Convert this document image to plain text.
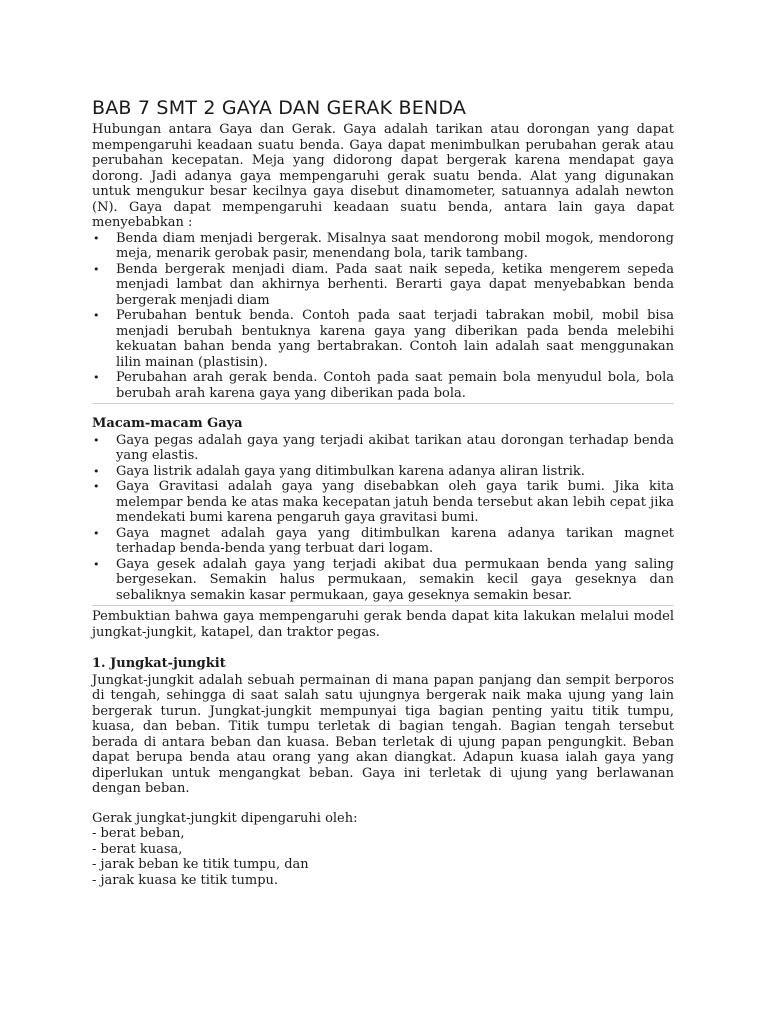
BAB 7 SMT 2 GAYA DAN GERAK BENDA

Hubungan antara Gaya dan Gerak. Gaya adalah tarikan atau dorongan yang dapat mempengaruhi keadaan suatu benda. Gaya dapat menimbulkan perubahan gerak atau perubahan kecepatan. Meja yang didorong dapat bergerak karena mendapat gaya dorong. Jadi adanya gaya mempengaruhi gerak suatu benda. Alat yang digunakan untuk mengukur besar kecilnya gaya disebut dinamometer, satuannya adalah newton (N). Gaya dapat mempengaruhi keadaan suatu benda, antara lain gaya dapat menyebabkan :

• Benda diam menjadi bergerak. Misalnya saat mendorong mobil mogok, mendorong meja, menarik gerobak pasir, menendang bola, tarik tambang.
• Benda bergerak menjadi diam. Pada saat naik sepeda, ketika mengerem sepeda menjadi lambat dan akhirnya berhenti. Berarti gaya dapat menyebabkan benda bergerak menjadi diam
• Perubahan bentuk benda. Contoh pada saat terjadi tabrakan mobil, mobil bisa menjadi berubah bentuknya karena gaya yang diberikan pada benda melebihi kekuatan bahan benda yang bertabrakan. Contoh lain adalah saat menggunakan lilin mainan (plastisin).
• Perubahan arah gerak benda. Contoh pada saat pemain bola menyudul bola, bola berubah arah karena gaya yang diberikan pada bola.

Macam-macam Gaya

• Gaya pegas adalah gaya yang terjadi akibat tarikan atau dorongan terhadap benda yang elastis.
• Gaya listrik adalah gaya yang ditimbulkan karena adanya aliran listrik.
• Gaya Gravitasi adalah gaya yang disebabkan oleh gaya tarik bumi. Jika kita melempar benda ke atas maka kecepatan jatuh benda tersebut akan lebih cepat jika mendekati bumi karena pengaruh gaya gravitasi bumi.
• Gaya magnet adalah gaya yang ditimbulkan karena adanya tarikan magnet terhadap benda-benda yang terbuat dari logam.
• Gaya gesek adalah gaya yang terjadi akibat dua permukaan benda yang saling bergesekan. Semakin halus permukaan, semakin kecil gaya geseknya dan sebaliknya semakin kasar permukaan, gaya geseknya semakin besar.

Pembuktian bahwa gaya mempengaruhi gerak benda dapat kita lakukan melalui model jungkat-jungkit, katapel, dan traktor pegas.

1. Jungkat-jungkit

Jungkat-jungkit adalah sebuah permainan di mana papan panjang dan sempit berporos di tengah, sehingga di saat salah satu ujungnya bergerak naik maka ujung yang lain bergerak turun. Jungkat-jungkit mempunyai tiga bagian penting yaitu titik tumpu, kuasa, dan beban. Titik tumpu terletak di bagian tengah. Bagian tengah tersebut berada di antara beban dan kuasa. Beban terletak di ujung papan pengungkit. Beban dapat berupa benda atau orang yang akan diangkat. Adapun kuasa ialah gaya yang diperlukan untuk mengangkat beban. Gaya ini terletak di ujung yang berlawanan dengan beban.

Gerak jungkat-jungkit dipengaruhi oleh:

- berat beban,
- berat kuasa,
- jarak beban ke titik tumpu, dan
- jarak kuasa ke titik tumpu.
